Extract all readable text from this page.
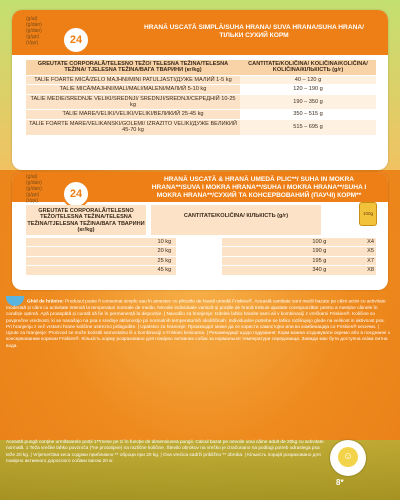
24
(g/ai)
(g/dan)
(g/dan)
(g/дн)
(r/дн)
HRANĂ USCATĂ SIMPLĂ/SUHA HRANA/ SUVA HRANA/SUHA HRANA/ТІЛЬКИ СУХИЙ КОРМ
GREUTATE CORPORALĂ/TELESNO TEŽO/ TELESNA TEŽINA/TELESNA TEŽINA/ TJELESNA TEŽINA/ВАГА ТВАРИНИ (кг/kg)	CANTITATE/KOLIČINA/ KOLIČINA/KOLIČINA/ KOLIČINA/КІЛЬКІСТЬ (g/г)
TALIE FOARTE MICĂ/ZELO MAJHNI/MINI PATULJASTI/ДУЖЕ МАЛИЙ 1-5 kg	40 – 120 g
TALIE MICĂ/MAJHNI/MALI/MALI/MALENI/МАЛИЙ 5-10 kg	120 – 190 g
TALIE MEDIE/SREDNJE VELIKI/SREDNJI/ SREDNJI/SREDNJI/СЕРЕДНІЙ 10-25 kg	190 – 350 g
TALIE MARE/VELIKI/VELIKI/VELIKI/ВЕЛИКИЙ 25-45 kg	350 – 515 g
TALIE FOARTE MARE/VELIKANSKI/GOLEMI/ IZRAZITO VELIKI/ДУЖЕ ВЕЛИКИЙ 45-70 kg	515 – 695 g
24
(g/ai)
(g/dan)
(g/dan)
(g/дн)
(r/дн)
HRANĂ USCATĂ & HRANĂ UMEDĂ PLIC**/ SUHA IN MOKRA HRANA**/SUVA I MOKRA HRANA**/SUHA I MOKRA HRANA**/SUHA I MOKRA HRANA**/СУХИЙ ТА КОНСЕРВОВАНИЙ (ПАУЧІ) КОРМ**
GREUTATE CORPORALĂ/TELESNO TEŽO/TELESNA TEŽINA/TELESNA TEŽINA/TJELESNA TEŽINA/ВАГА ТВАРИНИ (кг/kg)
CANTITATE/KOLIČINA/ КІЛЬКІСТЬ (g/г)	100g
10 kg		100 g	X4
20 kg		190 g	X5
25 kg		195 g	X7
45 kg		340 g	X8
Ghid de hrănire: Produsul poate fi consumat simplu sau în amestec cu plicurile de hrană umedă Friskies®. Această cantitate sunt medii bazate pe câini activi cu activitate moderată și câini cu activitate intensă la temperaturi normale de mediu. Nevoile individuale variază și porțiile de hrană trebuie ajustate corespunzător pentru a menține câinele în condiție optimă. Apă proaspătă și curată să fie în permanență la dispoziție. | Navodilo za hranjenje: Izdelek lahko hranite sami ali v kombinaciji z vrečkami Friskies®. Količine so povprečne vrednosti, ki se nanašajo na psa s srednje aktivnostjo pri normalnih temperaturnih okoliščinah. Individualne potrebe se lahko razlikujejo glede na velikost in aktivnost psa. Pri hranjenju z več vrstami hrane količine ustrezno prilagodite. | Upatstvo za hranenje: Производот може да се користи самостојно или во комбинација со Friskies® кесички. | Upute za hranjenje: Proizvod se može koristiti samostalno ili u kombinaciji s Friskies kesicama. | Рекомендації щодо годування: Корм можна згодовувати окремо або в поєднанні з консервованим кормом Friskies®. Кількість корму розраховано для помірно активних собак за нормальної температури середовища. Завжди має бути доступна свіжа питна вода.
Această pungă conține următoarele porții 1**mese pe zi în funcție de dimensiunea pungii. Calcul bazat pe nevoile unui câine adult de 20kg cu activitate normală. 1 Teža vrečke lahko povzroča (*ne prototipne) na različne količine. Število obrokov na vrečko je izračunano na podlagi potreb odraslega psa teže 20 kg. | Vrijeme/Ова кеса содржи приближно ** оброци при 20 kg. | Ova vrećica sadrži približno ** obroka. | Кількість порцій розраховано для помірно активного дорослого собаки вагою 20 кг.	☺
8*
